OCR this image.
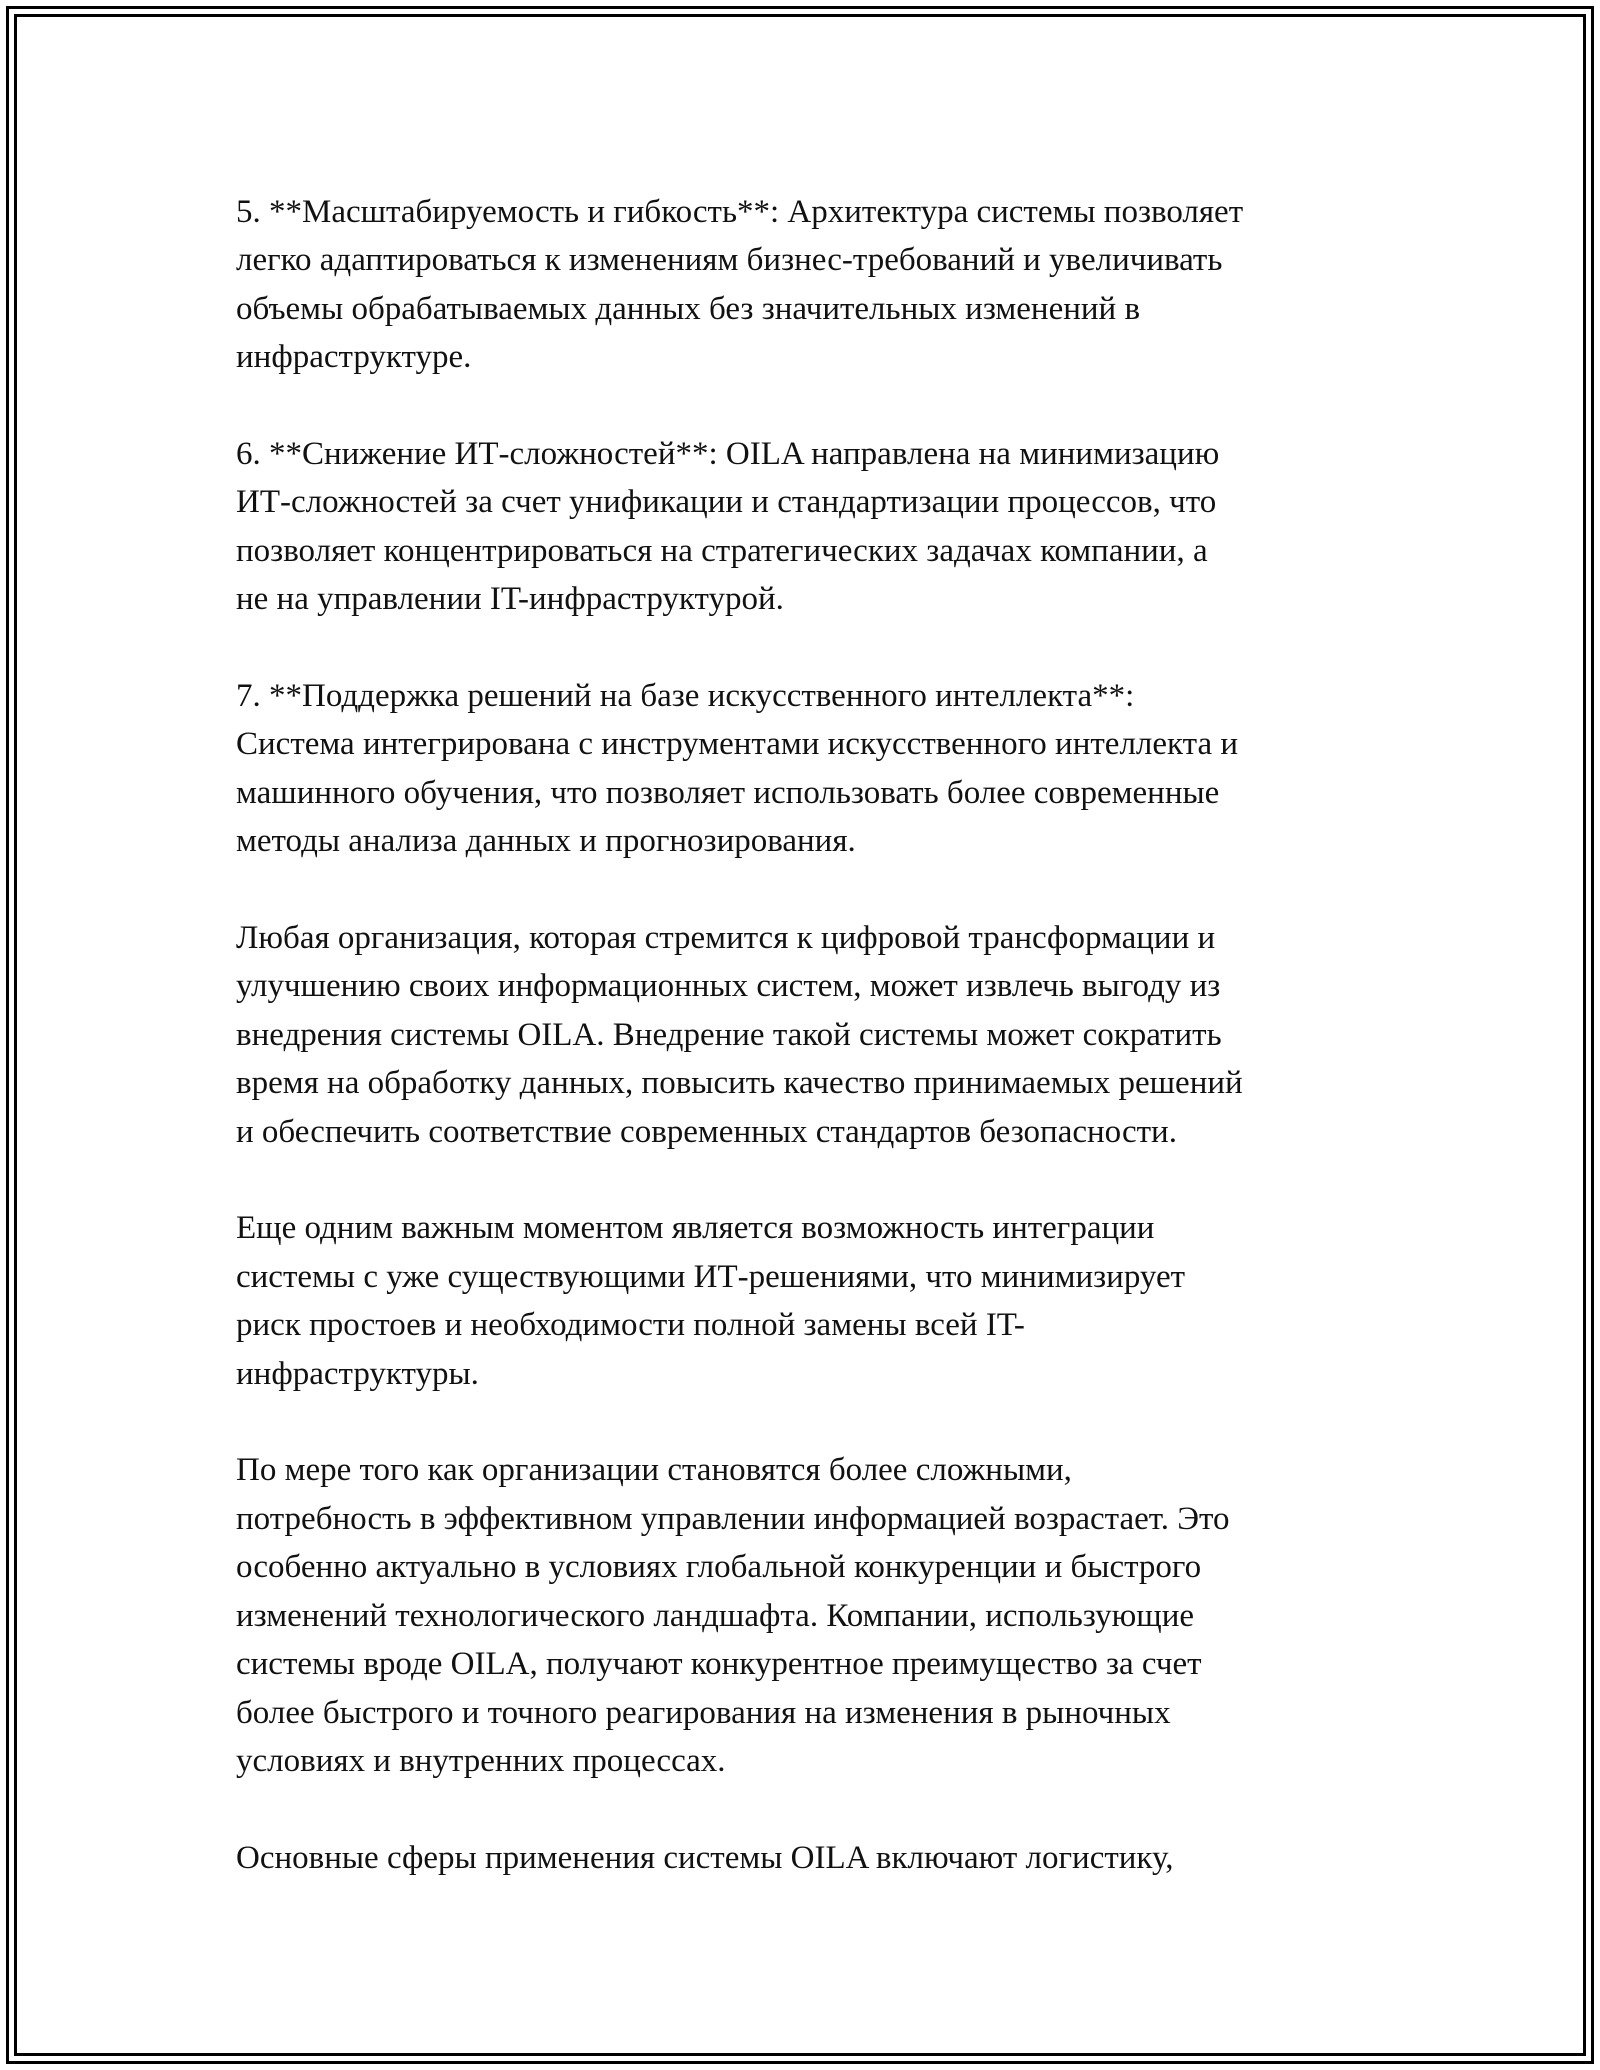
5. **Масштабируемость и гибкость**: Архитектура системы позволяет
легко адаптироваться к изменениям бизнес-требований и увеличивать
объемы обрабатываемых данных без значительных изменений в
инфраструктуре.

6. **Снижение ИТ-сложностей**: OILA направлена на минимизацию
ИТ-сложностей за счет унификации и стандартизации процессов, что
позволяет концентрироваться на стратегических задачах компании, а
не на управлении IT-инфраструктурой.

7. **Поддержка решений на базе искусственного интеллекта**:
Система интегрирована с инструментами искусственного интеллекта и
машинного обучения, что позволяет использовать более современные
методы анализа данных и прогнозирования.

Любая организация, которая стремится к цифровой трансформации и
улучшению своих информационных систем, может извлечь выгоду из
внедрения системы OILA. Внедрение такой системы может сократить
время на обработку данных, повысить качество принимаемых решений
и обеспечить соответствие современных стандартов безопасности.

Еще одним важным моментом является возможность интеграции
системы с уже существующими ИТ-решениями, что минимизирует
риск простоев и необходимости полной замены всей IT-
инфраструктуры.

По мере того как организации становятся более сложными,
потребность в эффективном управлении информацией возрастает. Это
особенно актуально в условиях глобальной конкуренции и быстрого
изменений технологического ландшафта. Компании, использующие
системы вроде OILA, получают конкурентное преимущество за счет
более быстрого и точного реагирования на изменения в рыночных
условиях и внутренних процессах.

Основные сферы применения системы OILA включают логистику,
